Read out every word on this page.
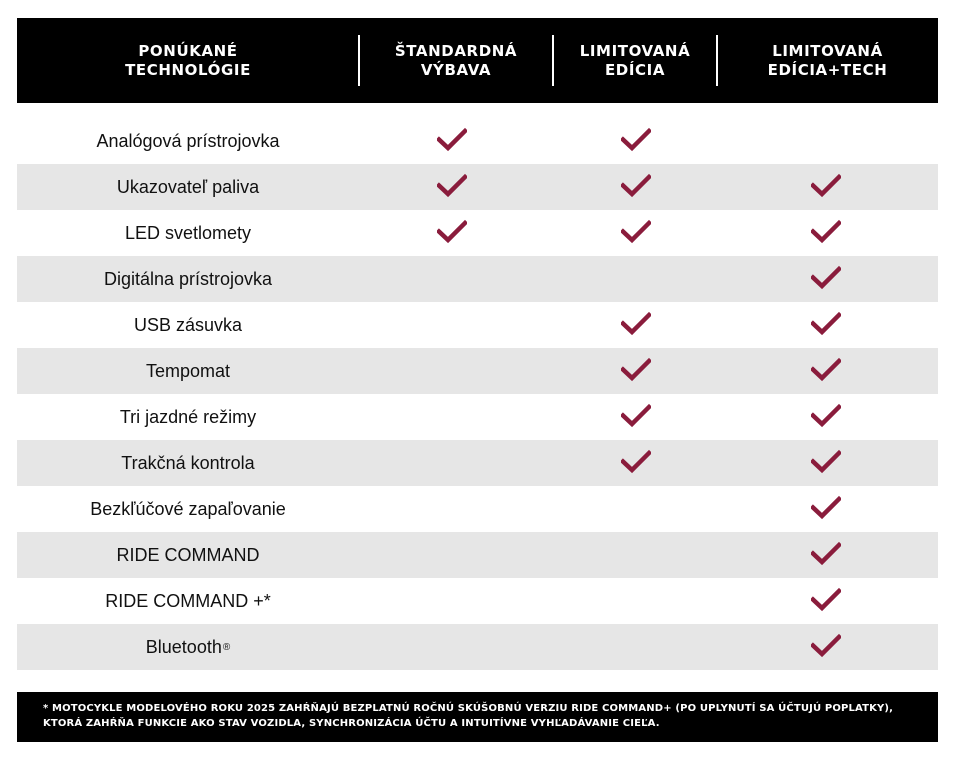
PONÚKANÉ TECHNOLÓGIE
ŠTANDARDNÁ
VÝBAVA
LIMITOVANÁ
EDÍCIA
LIMITOVANÁ
EDÍCIA+TECH
Analógová prístrojovka
Ukazovateľ paliva
LED svetlomety
Digitálna prístrojovka
USB zásuvka
Tempomat
Tri jazdné režimy
Trakčná kontrola
Bezkľúčové zapaľovanie
RIDE COMMAND
RIDE COMMAND +*
Bluetooth ®
* MOTOCYKLE MODELOVÉHO ROKU 2025 ZAHŔŇAJÚ BEZPLATNÚ ROČNÚ SKÚŠOBNÚ VERZIU RIDE COMMAND+ (PO UPLYNUTÍ SA ÚČTUJÚ POPLATKY), KTORÁ ZAHŔŇA FUNKCIE AKO STAV VOZIDLA, SYNCHRONIZÁCIA ÚČTU A INTUITÍVNE VYHĽADÁVANIE CIEĽA.
